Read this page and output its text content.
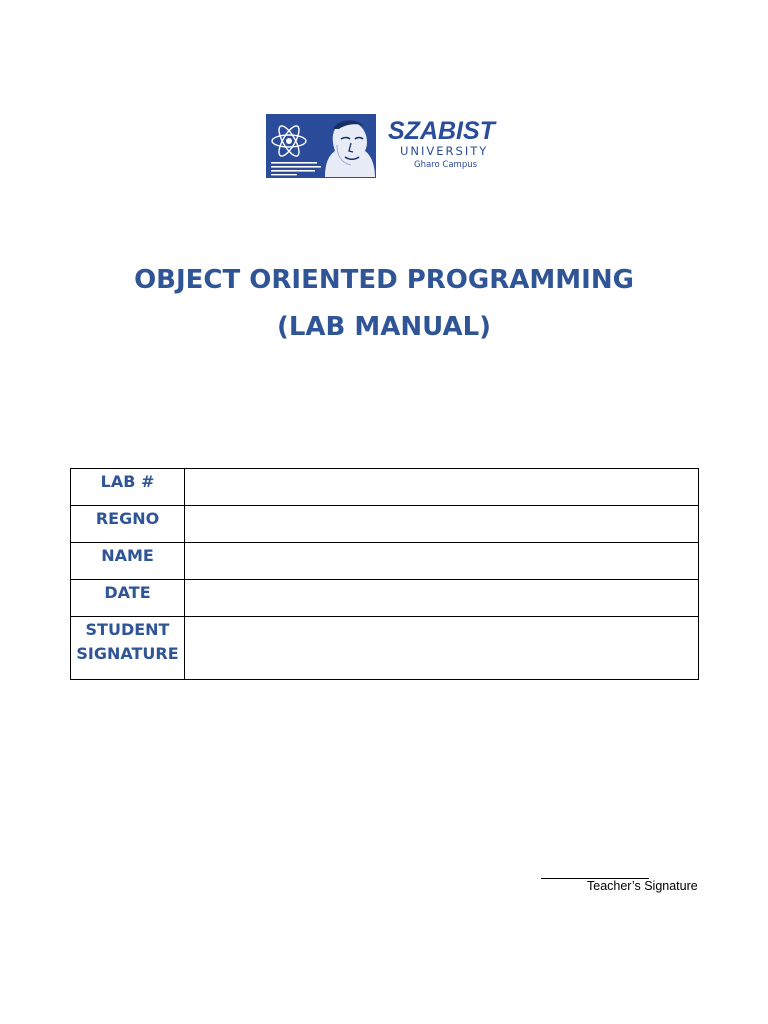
SZABIST
UNIVERSITY
Gharo Campus
OBJECT ORIENTED PROGRAMMING
(LAB MANUAL)
LAB #	
REGNO	
NAME	
DATE	

STUDENT
SIGNATURE	

Teacher’s Signature
